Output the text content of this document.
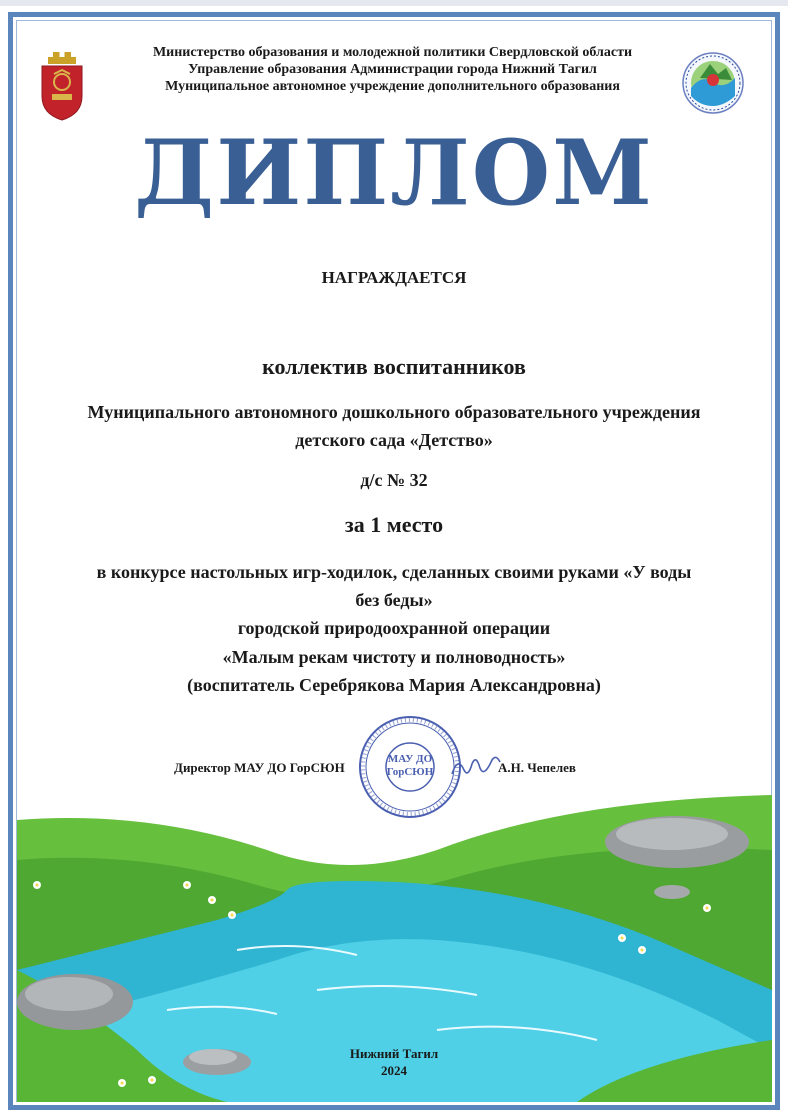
Министерство образования и молодежной политики Свердловской области
Управление образования Администрации города Нижний Тагил
Муниципальное автономное учреждение дополнительного образования
ДИПЛОМ
НАГРАЖДАЕТСЯ
коллектив воспитанников
Муниципального автономного дошкольного образовательного учреждения
детского сада «Детство»
д/с № 32
за 1 место
в конкурсе настольных игр-ходилок, сделанных своими руками «У воды
без беды»
городской природоохранной операции
«Малым рекам чистоту и полноводность»
(воспитатель Серебрякова Мария Александровна)
Директор МАУ ДО ГорСЮН	А.Н. Чепелев
МАУ ДО ГорСЮН
Нижний Тагил
2024
